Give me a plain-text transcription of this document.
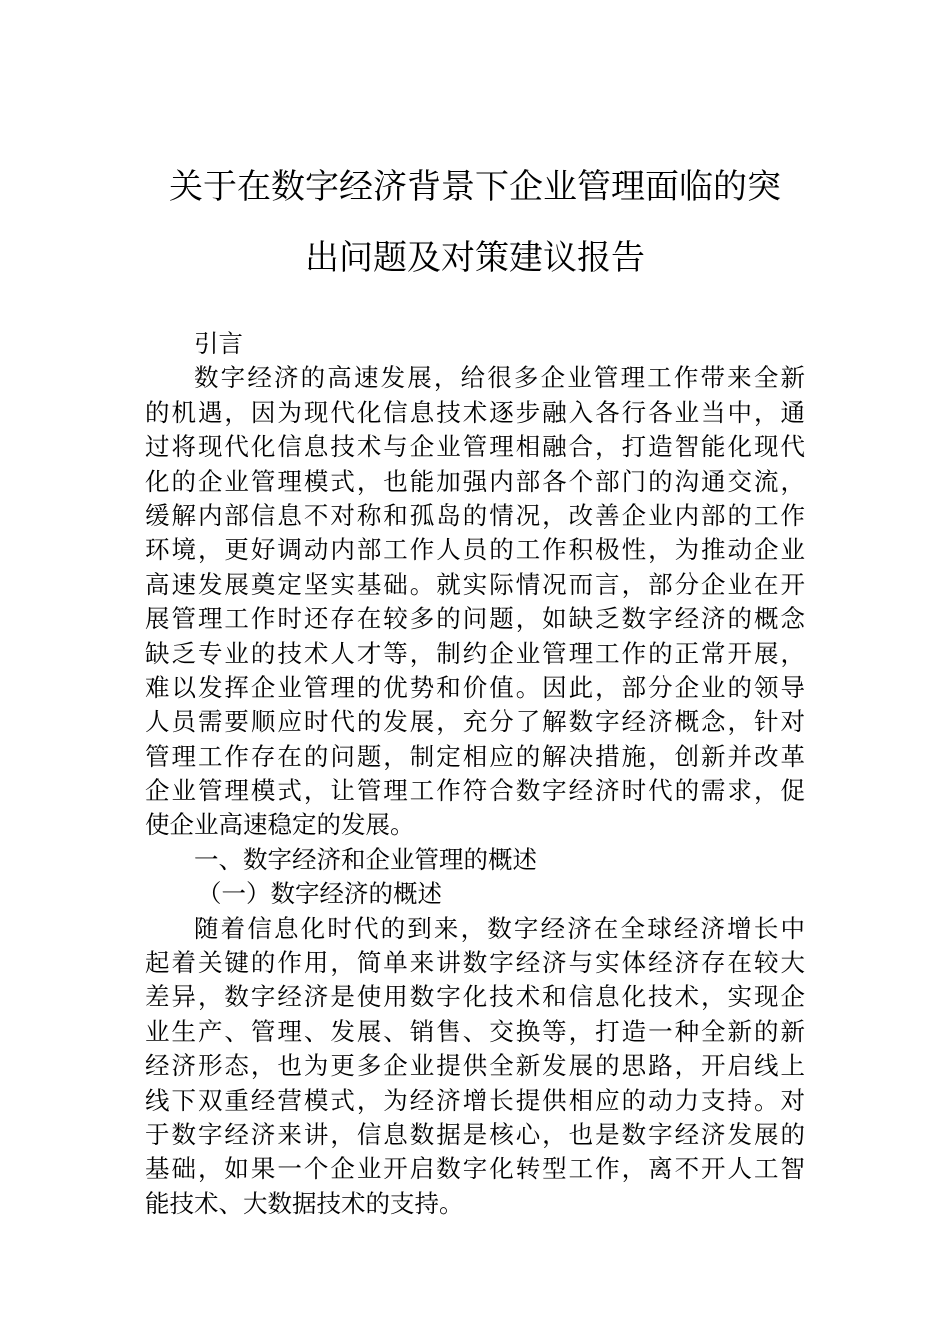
关于在数字经济背景下企业管理面临的突
出问题及对策建议报告
引言
数字经济的高速发展，给很多企业管理工作带来全新
的机遇，因为现代化信息技术逐步融入各行各业当中，通
过将现代化信息技术与企业管理相融合，打造智能化现代
化的企业管理模式，也能加强内部各个部门的沟通交流，
缓解内部信息不对称和孤岛的情况，改善企业内部的工作
环境，更好调动内部工作人员的工作积极性，为推动企业
高速发展奠定坚实基础。就实际情况而言，部分企业在开
展管理工作时还存在较多的问题，如缺乏数字经济的概念
缺乏专业的技术人才等，制约企业管理工作的正常开展，
难以发挥企业管理的优势和价值。因此，部分企业的领导
人员需要顺应时代的发展，充分了解数字经济概念，针对
管理工作存在的问题，制定相应的解决措施，创新并改革
企业管理模式，让管理工作符合数字经济时代的需求，促
使企业高速稳定的发展。
一、数字经济和企业管理的概述
（一）数字经济的概述
随着信息化时代的到来，数字经济在全球经济增长中
起着关键的作用，简单来讲数字经济与实体经济存在较大
差异，数字经济是使用数字化技术和信息化技术，实现企
业生产、管理、发展、销售、交换等，打造一种全新的新
经济形态，也为更多企业提供全新发展的思路，开启线上
线下双重经营模式，为经济增长提供相应的动力支持。对
于数字经济来讲，信息数据是核心，也是数字经济发展的
基础，如果一个企业开启数字化转型工作，离不开人工智
能技术、大数据技术的支持。
